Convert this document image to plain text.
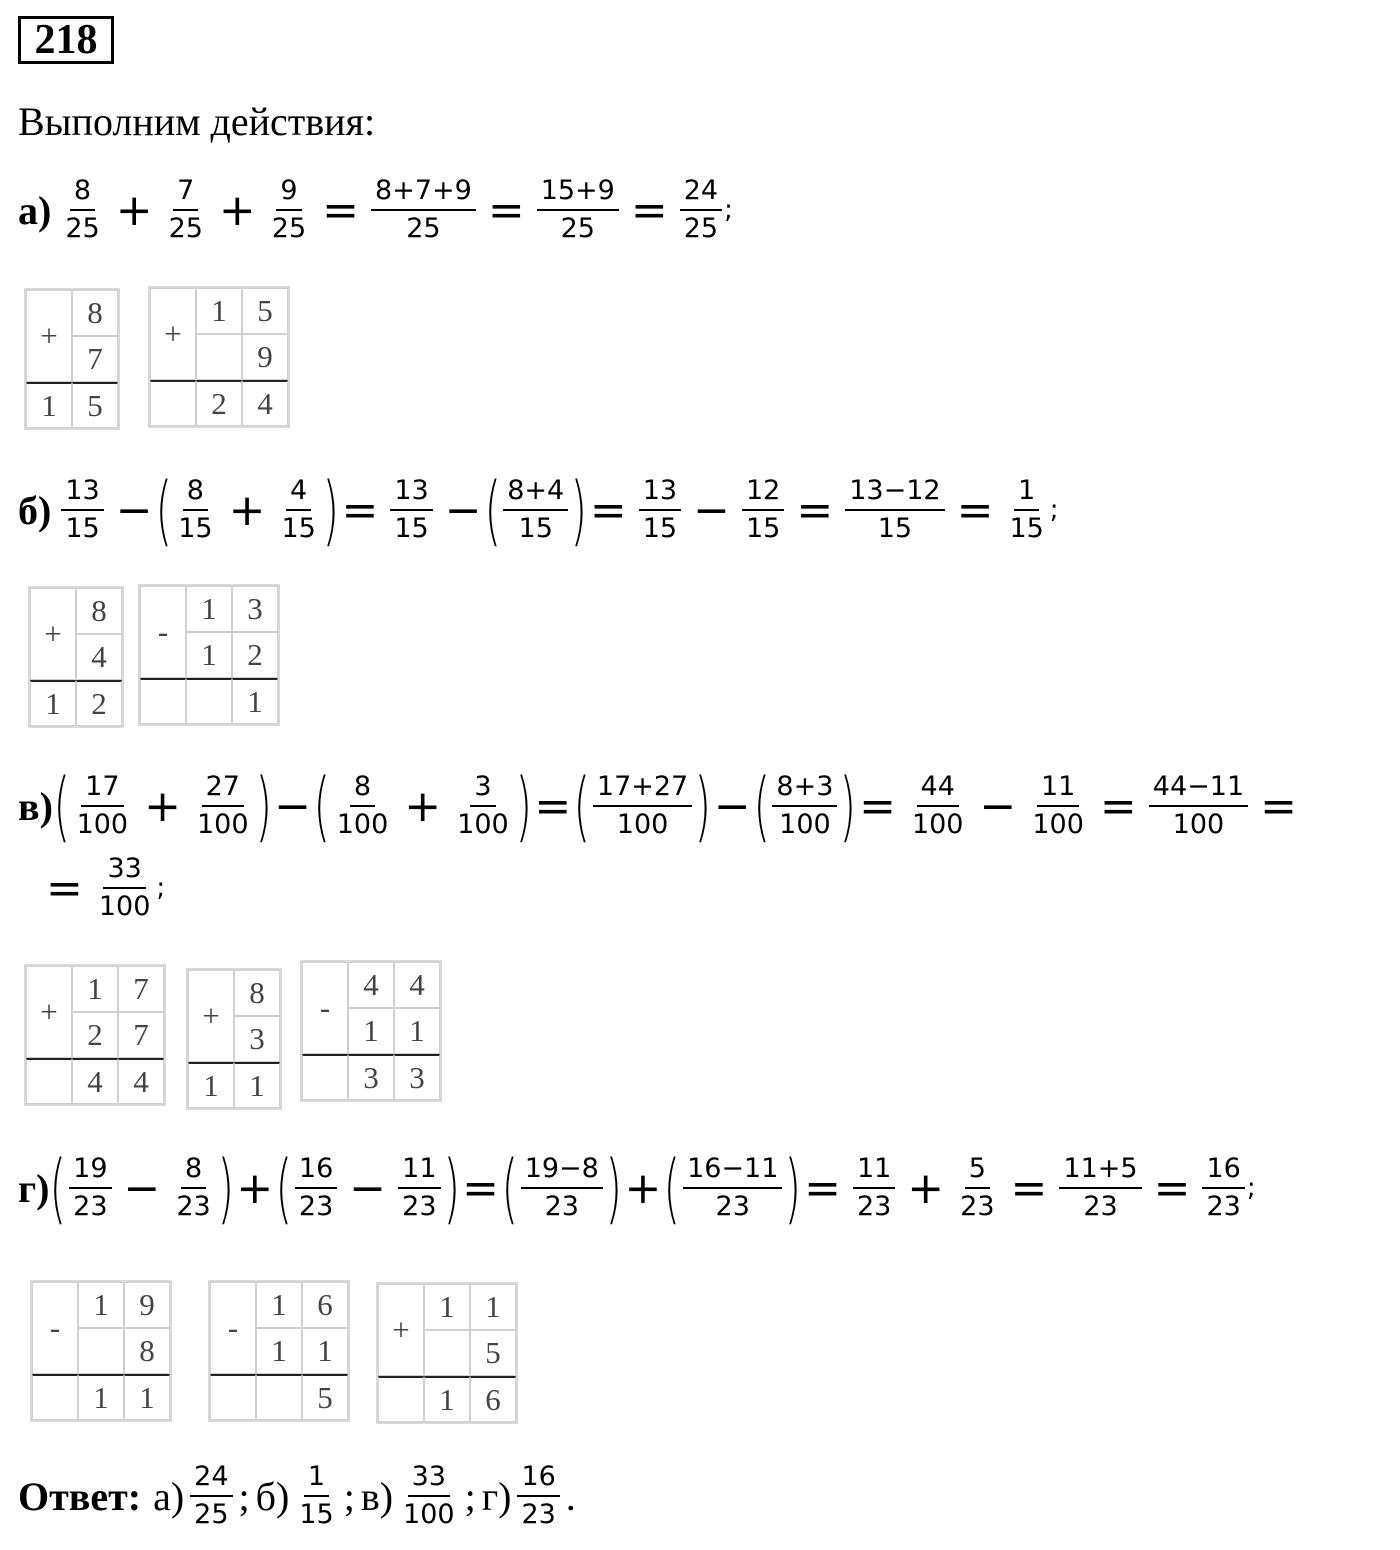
218
Выполним действия:
$а) \frac{8}{25} + \frac{7}{25} + \frac{9}{25} = \frac{8+7+9}{25} = \frac{15+9}{25} = \frac{24}{25}$ ;
$б) \frac{13}{15}$ − ( $\frac{8}{15} + \frac{4}{15}$ ) = $\frac{13}{15}$ − ( $\frac{8+4}{15}$ ) = $\frac{13}{15} - \frac{12}{15} = \frac{13-12}{15} = \frac{1}{15}$ ;
в) ( $\frac{17}{100} + \frac{27}{100}$ ) − ( $\frac{8}{100} + \frac{3}{100}$ ) = ( $\frac{17+27}{100}$ ) − ( $\frac{8+3}{100}$ ) = $\frac{44}{100} - \frac{11}{100} = \frac{44-11}{100}$ =
= $\frac{33}{100}$ ;
г) ( $\frac{19}{23} - \frac{8}{23}$ ) + ( $\frac{16}{23} - \frac{11}{23}$ ) = ( $\frac{19-8}{23}$ ) + ( $\frac{16-11}{23}$ ) = $\frac{11}{23} + \frac{5}{23} = \frac{11+5}{23} = \frac{16}{23}$ ;
+
8
7
1 5
+
1 5
9
2 4
+
8
4
1 2
-
1 3
1 2
1
+
1 7
2 7
4 4
+
8
3
1 1
-
4 4
1 1
3 3
-
1 9
8
1 1
-
1 6
1 1
5
+
1 1
5
1 6
Ответ: $а) \frac{24}{25}$ ; $б) \frac{1}{15}$ ; $в) \frac{33}{100}$ ; $г) \frac{16}{23}$ .
